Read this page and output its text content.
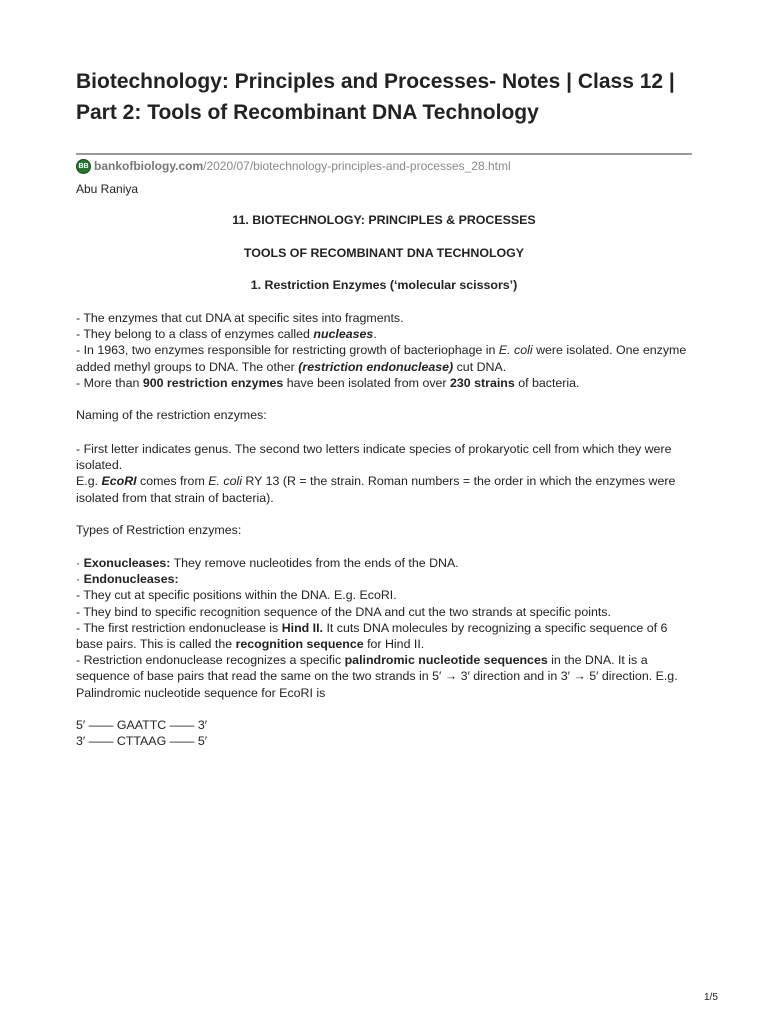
Biotechnology: Principles and Processes- Notes | Class 12 | Part 2: Tools of Recombinant DNA Technology
BB bankofbiology.com /2020/07/biotechnology-principles-and-processes_28.html
Abu Raniya
11. BIOTECHNOLOGY: PRINCIPLES & PROCESSES
TOOLS OF RECOMBINANT DNA TECHNOLOGY
1. Restriction Enzymes (‘molecular scissors’)
- The enzymes that cut DNA at specific sites into fragments.
- They belong to a class of enzymes called nucleases.
- In 1963, two enzymes responsible for restricting growth of bacteriophage in E. coli were isolated. One enzyme added methyl groups to DNA. The other (restriction endonuclease) cut DNA.
- More than 900 restriction enzymes have been isolated from over 230 strains of bacteria.
Naming of the restriction enzymes:
- First letter indicates genus. The second two letters indicate species of prokaryotic cell from which they were isolated.
E.g. EcoRI comes from E. coli RY 13 (R = the strain. Roman numbers = the order in which the enzymes were isolated from that strain of bacteria).
Types of Restriction enzymes:
· Exonucleases: They remove nucleotides from the ends of the DNA.
· Endonucleases:
- They cut at specific positions within the DNA. E.g. EcoRI.
- They bind to specific recognition sequence of the DNA and cut the two strands at specific points.
- The first restriction endonuclease is Hind II. It cuts DNA molecules by recognizing a specific sequence of 6 base pairs. This is called the recognition sequence for Hind II.
- Restriction endonuclease recognizes a specific palindromic nucleotide sequences in the DNA. It is a sequence of base pairs that read the same on the two strands in 5′ → 3′ direction and in 3′ → 5′ direction. E.g. Palindromic nucleotide sequence for EcoRI is
5′ —— GAATTC —— 3′
3′ —— CTTAAG —— 5′
1/5
